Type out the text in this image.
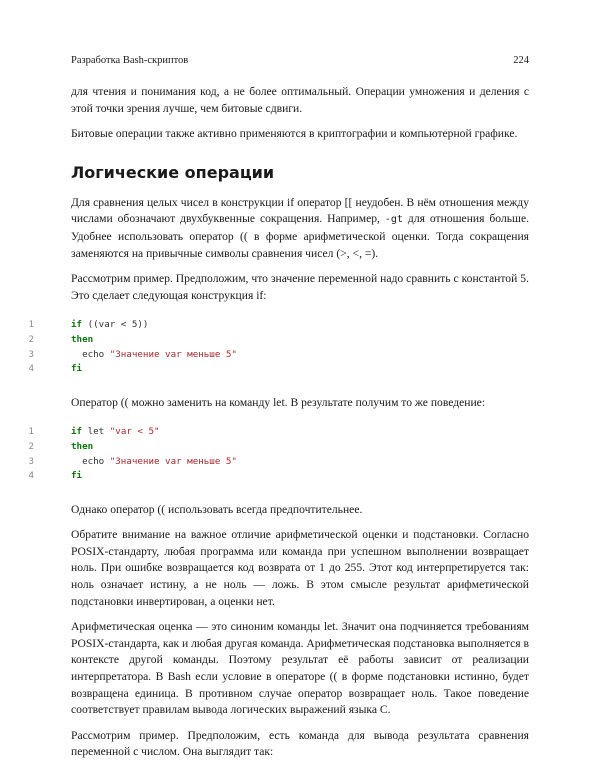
Разработка Bash-скриптов	224

для чтения и понимания код, а не более оптимальный. Операции умножения и деления с этой точки зрения лучше, чем битовые сдвиги.

Битовые операции также активно применяются в криптографии и компьютерной графике.

Логические операции

Для сравнения целых чисел в конструкции if оператор [[ неудобен. В нём отношения между числами обозначают двухбуквенные сокращения. Например, -gt для отношения больше. Удобнее использовать оператор (( в форме арифметической оценки. Тогда сокращения заменяются на привычные символы сравнения чисел (>, <, =).

Рассмотрим пример. Предположим, что значение переменной надо сравнить с константой 5. Это сделает следующая конструкция if:

1	if ((var < 5))
2	then
3	echo "Значение var меньше 5"
4	fi

Оператор (( можно заменить на команду let. В результате получим то же поведение:

1	if let "var < 5"
2	then
3	echo "Значение var меньше 5"
4	fi

Однако оператор (( использовать всегда предпочтительнее.

Обратите внимание на важное отличие арифметической оценки и подстановки. Согласно POSIX-стандарту, любая программа или команда при успешном выполнении возвращает ноль. При ошибке возвращается код возврата от 1 до 255. Этот код интерпретируется так: ноль означает истину, а не ноль — ложь. В этом смысле результат арифметической подстановки инвертирован, а оценки нет.

Арифметическая оценка — это синоним команды let. Значит она подчиняется требованиям POSIX-стандарта, как и любая другая команда. Арифметическая подстановка выполняется в контексте другой команды. Поэтому результат её работы зависит от реализации интерпретатора. В Bash если условие в операторе (( в форме подстановки истинно, будет возвращена единица. В противном случае оператор возвращает ноль. Такое поведение соответствует правилам вывода логических выражений языка C.

Рассмотрим пример. Предположим, есть команда для вывода результата сравнения переменной с числом. Она выглядит так:
